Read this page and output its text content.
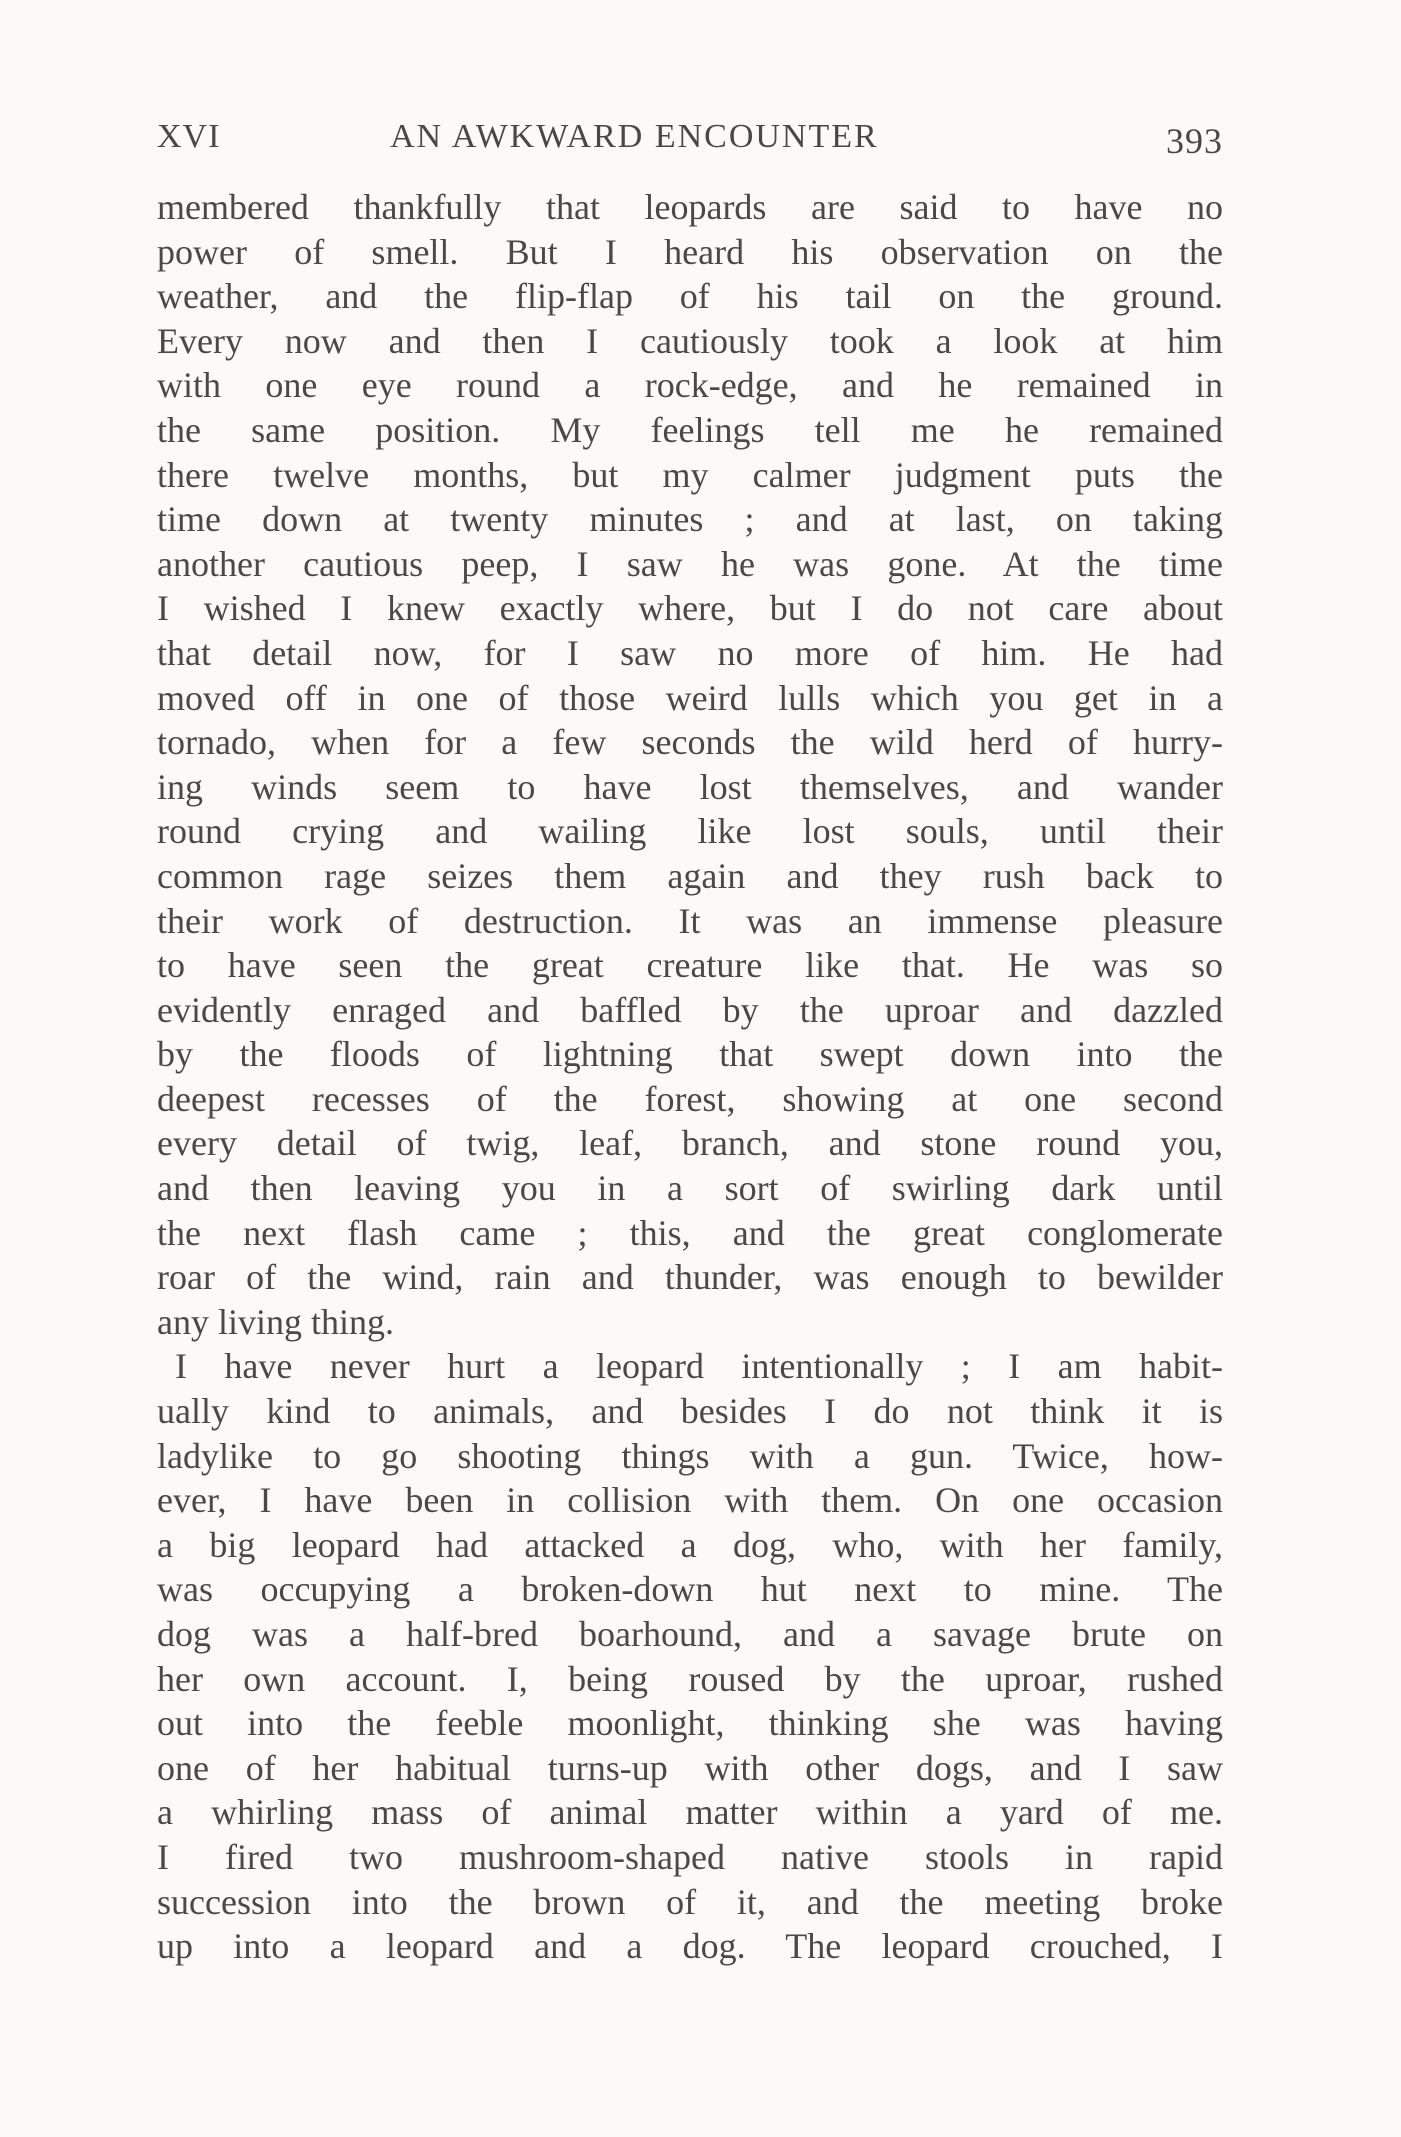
XVI	AN AWKWARD ENCOUNTER	393
membered thankfully that leopards are said to have no
power of smell. But I heard his observation on the
weather, and the flip-flap of his tail on the ground.
Every now and then I cautiously took a look at him
with one eye round a rock-edge, and he remained in
the same position. My feelings tell me he remained
there twelve months, but my calmer judgment puts the
time down at twenty minutes ; and at last, on taking
another cautious peep, I saw he was gone. At the time
I wished I knew exactly where, but I do not care about
that detail now, for I saw no more of him. He had
moved off in one of those weird lulls which you get in a
tornado, when for a few seconds the wild herd of hurry-
ing winds seem to have lost themselves, and wander
round crying and wailing like lost souls, until their
common rage seizes them again and they rush back to
their work of destruction. It was an immense pleasure
to have seen the great creature like that. He was so
evidently enraged and baffled by the uproar and dazzled
by the floods of lightning that swept down into the
deepest recesses of the forest, showing at one second
every detail of twig, leaf, branch, and stone round you,
and then leaving you in a sort of swirling dark until
the next flash came ; this, and the great conglomerate
roar of the wind, rain and thunder, was enough to bewilder
any living thing.
I have never hurt a leopard intentionally ; I am habit-
ually kind to animals, and besides I do not think it is
ladylike to go shooting things with a gun. Twice, how-
ever, I have been in collision with them. On one occasion
a big leopard had attacked a dog, who, with her family,
was occupying a broken-down hut next to mine. The
dog was a half-bred boarhound, and a savage brute on
her own account. I, being roused by the uproar, rushed
out into the feeble moonlight, thinking she was having
one of her habitual turns-up with other dogs, and I saw
a whirling mass of animal matter within a yard of me.
I fired two mushroom-shaped native stools in rapid
succession into the brown of it, and the meeting broke
up into a leopard and a dog. The leopard crouched, I
